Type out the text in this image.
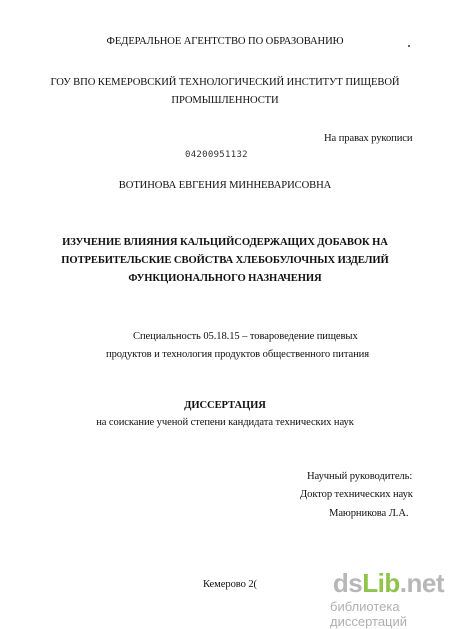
ФЕДЕРАЛЬНОЕ АГЕНТСТВО ПО ОБРАЗОВАНИЮ
ГОУ ВПО КЕМЕРОВСКИЙ ТЕХНОЛОГИЧЕСКИЙ ИНСТИТУТ ПИЩЕВОЙ
ПРОМЫШЛЕННОСТИ
На правах рукописи
04200951132
ВОТИНОВА ЕВГЕНИЯ МИННЕВАРИСОВНА
ИЗУЧЕНИЕ ВЛИЯНИЯ КАЛЬЦИЙСОДЕРЖАЩИХ ДОБАВОК НА
ПОТРЕБИТЕЛЬСКИЕ СВОЙСТВА ХЛЕБОБУЛОЧНЫХ ИЗДЕЛИЙ
ФУНКЦИОНАЛЬНОГО НАЗНАЧЕНИЯ
Специальность 05.18.15 – товароведение пищевых
продуктов и технология продуктов общественного питания
ДИССЕРТАЦИЯ
на соискание ученой степени кандидата технических наук
Научный руководитель:
Доктор технических наук
Маюрникова Л.А.
Кемерово 2(	dsLib.net
библиотека диссертаций
